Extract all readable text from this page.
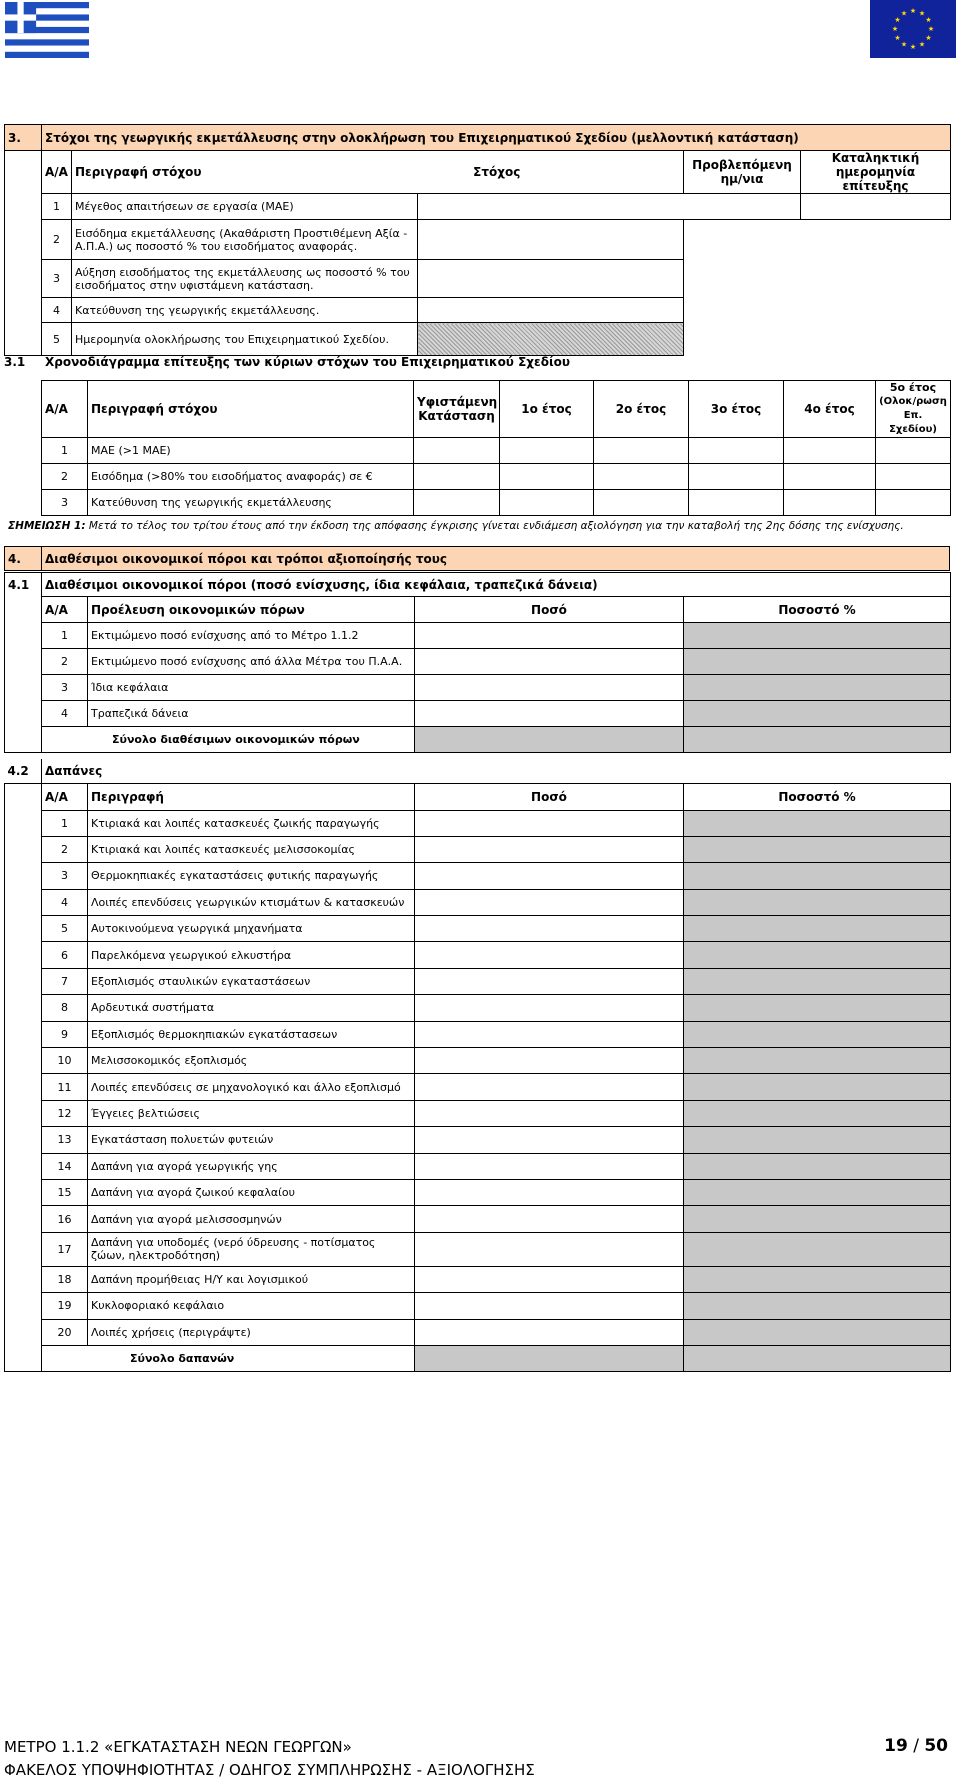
★ ★
★
★
★
★
★
★
★
★
★
★
3.	Στόχοι της γεωργικής εκμετάλλευσης στην ολοκλήρωση του Επιχειρηματικού Σχεδίου (μελλοντική κατάσταση)				
	Α/Α	Περιγραφή στόχου	Στόχος	Προβλεπόμενη ημ/νια	Καταληκτική ημερομηνία επίτευξης
	1	Μέγεθος απαιτήσεων σε εργασία (ΜΑΕ)			
	2	Εισόδημα εκμετάλλευσης (Ακαθάριστη Προστιθέμενη Αξία - Α.Π.Α.) ως ποσοστό % του εισοδήματος αναφοράς.			
	3	Αύξηση εισοδήματος της εκμετάλλευσης ως ποσοστό % του εισοδήματος στην υφιστάμενη κατάσταση.			
	4	Κατεύθυνση της γεωργικής εκμετάλλευσης.			
	5	Ημερομηνία ολοκλήρωσης του Επιχειρηματικού Σχεδίου.			
3.1 Χρονοδιάγραμμα επίτευξης των κύριων στόχων του Επιχειρηματικού Σχεδίου
Α/Α	Περιγραφή στόχου	Υφιστάμενη Κατάσταση	1ο έτος	2ο έτος	3ο έτος	4ο έτος	5ο έτος
(Ολοκ/ρωση Επ. Σχεδίου)

1	ΜΑΕ (>1 ΜΑΕ)						
2	Εισόδημα (>80% του εισοδήματος αναφοράς) σε €						
3	Κατεύθυνση της γεωργικής εκμετάλλευσης						
ΣΗΜΕΙΩΣΗ 1: Μετά το τέλος του τρίτου έτους από την έκδοση της απόφασης έγκρισης γίνεται ενδιάμεση αξιολόγηση για την καταβολή της 2ης δόσης της ενίσχυσης.
4.	Διαθέσιμοι οικονομικοί πόροι και τρόποι αξιοποίησής τους
4.1	Διαθέσιμοι οικονομικοί πόροι (ποσό ενίσχυσης, ίδια κεφάλαια, τραπεζικά δάνεια)			
	Α/Α	Προέλευση οικονομικών πόρων	Ποσό	Ποσοστό %
	1	Εκτιμώμενο ποσό ενίσχυσης από το Μέτρο 1.1.2		
	2	Εκτιμώμενο ποσό ενίσχυσης από άλλα Μέτρα του Π.Α.Α.		
	3	Ίδια κεφάλαια		
	4	Τραπεζικά δάνεια		
	Σύνολο διαθέσιμων οικονομικών πόρων			
4.2	Δαπάνες			
	Α/Α	Περιγραφή	Ποσό	Ποσοστό %
	1	Κτιριακά και λοιπές κατασκευές ζωικής παραγωγής		
	2	Κτιριακά και λοιπές κατασκευές μελισσοκομίας		
	3	Θερμοκηπιακές εγκαταστάσεις φυτικής παραγωγής		
	4	Λοιπές επενδύσεις γεωργικών κτισμάτων & κατασκευών		
	5	Αυτοκινούμενα γεωργικά μηχανήματα		
	6	Παρελκόμενα γεωργικού ελκυστήρα		
	7	Εξοπλισμός σταυλικών εγκαταστάσεων		
	8	Αρδευτικά συστήματα		
	9	Εξοπλισμός θερμοκηπιακών εγκατάστασεων		
	10	Μελισσοκομικός εξοπλισμός		
	11	Λοιπές επενδύσεις σε μηχανολογικό και άλλο εξοπλισμό		
	12	Έγγειες βελτιώσεις		
	13	Εγκατάσταση πολυετών φυτειών		
	14	Δαπάνη για αγορά γεωργικής γης		
	15	Δαπάνη για αγορά ζωικού κεφαλαίου		
	16	Δαπάνη για αγορά μελισσοσμηνών		
	17	Δαπάνη για υποδομές (νερό ύδρευσης - ποτίσματος ζώων, ηλεκτροδότηση)		
	18	Δαπάνη προμήθειας Η/Υ και λογισμικού		
	19	Κυκλοφοριακό κεφάλαιο		
	20	Λοιπές χρήσεις (περιγράψτε)		
	Σύνολο δαπανών			
ΜΕΤΡΟ 1.1.2 «ΕΓΚΑΤΑΣΤΑΣΗ ΝΕΩΝ ΓΕΩΡΓΩΝ»
ΦΑΚΕΛΟΣ ΥΠΟΨΗΦΙΟΤΗΤΑΣ / ΟΔΗΓΟΣ ΣΥΜΠΛΗΡΩΣΗΣ - ΑΞΙΟΛΟΓΗΣΗΣ
19 / 50
